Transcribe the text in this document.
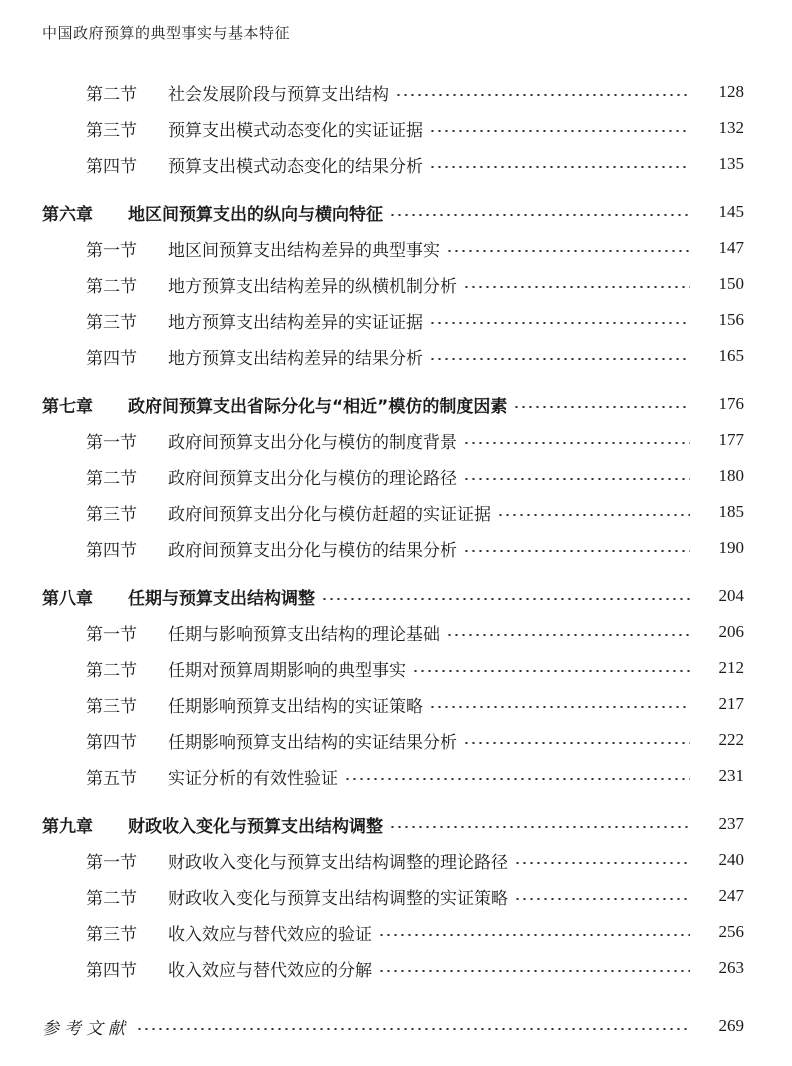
中国政府预算的典型事实与基本特征
第二节	社会发展阶段与预算支出结构	128
第三节	预算支出模式动态变化的实证证据	132
第四节	预算支出模式动态变化的结果分析	135
第六章	地区间预算支出的纵向与横向特征	145
第一节	地区间预算支出结构差异的典型事实	147
第二节	地方预算支出结构差异的纵横机制分析	150
第三节	地方预算支出结构差异的实证证据	156
第四节	地方预算支出结构差异的结果分析	165
第七章	政府间预算支出省际分化与“相近”模仿的制度因素	176
第一节	政府间预算支出分化与模仿的制度背景	177
第二节	政府间预算支出分化与模仿的理论路径	180
第三节	政府间预算支出分化与模仿赶超的实证证据	185
第四节	政府间预算支出分化与模仿的结果分析	190
第八章	任期与预算支出结构调整	204
第一节	任期与影响预算支出结构的理论基础	206
第二节	任期对预算周期影响的典型事实	212
第三节	任期影响预算支出结构的实证策略	217
第四节	任期影响预算支出结构的实证结果分析	222
第五节	实证分析的有效性验证	231
第九章	财政收入变化与预算支出结构调整	237
第一节	财政收入变化与预算支出结构调整的理论路径	240
第二节	财政收入变化与预算支出结构调整的实证策略	247
第三节	收入效应与替代效应的验证	256
第四节	收入效应与替代效应的分解	263
参考文献	269
